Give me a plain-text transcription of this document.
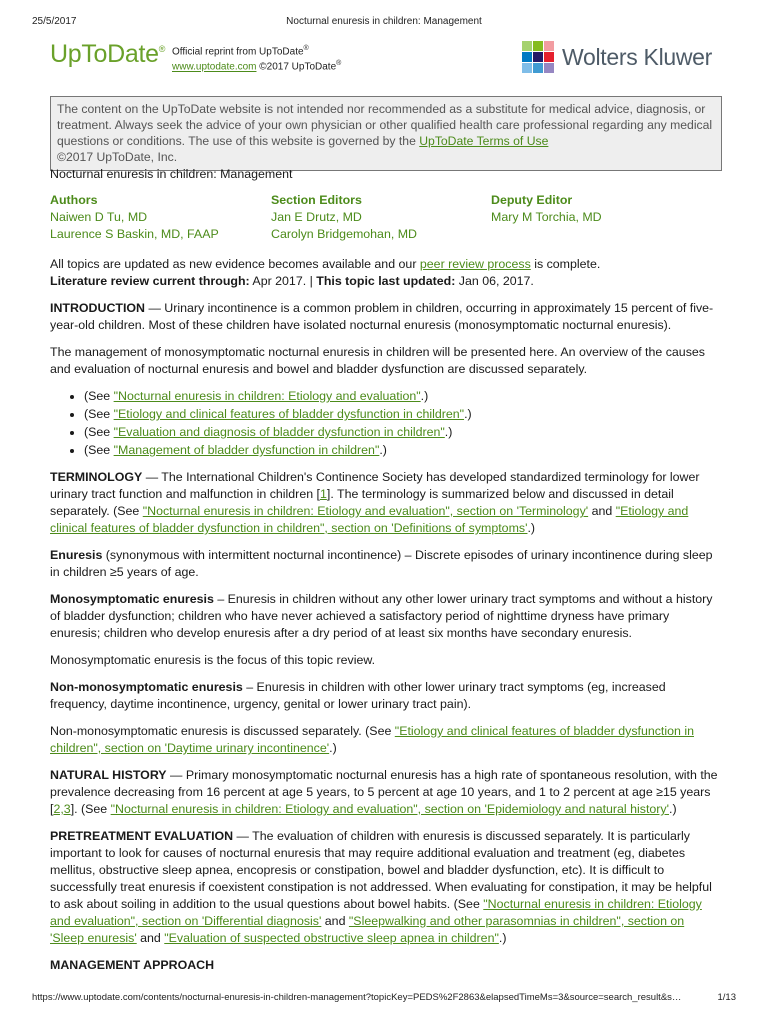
25/5/2017	Nocturnal enuresis in children: Management
UpToDate® Official reprint from UpToDate®
www.uptodate.com ©2017 UpToDate®	Wolters Kluwer
The content on the UpToDate website is not intended nor recommended as a substitute for medical advice, diagnosis, or treatment. Always seek the advice of your own physician or other qualified health care professional regarding any medical questions or conditions. The use of this website is governed by the UpToDate Terms of Use
©2017 UpToDate, Inc.
Nocturnal enuresis in children: Management
Authors
Naiwen D Tu, MD
Laurence S Baskin, MD, FAAP
Section Editors
Jan E Drutz, MD
Carolyn Bridgemohan, MD
Deputy Editor
Mary M Torchia, MD

All topics are updated as new evidence becomes available and our peer review process is complete.
Literature review current through: Apr 2017. | This topic last updated: Jan 06, 2017.

INTRODUCTION — Urinary incontinence is a common problem in children, occurring in approximately 15 percent of five-year-old children. Most of these children have isolated nocturnal enuresis (monosymptomatic nocturnal enuresis).

The management of monosymptomatic nocturnal enuresis in children will be presented here. An overview of the causes and evaluation of nocturnal enuresis and bowel and bladder dysfunction are discussed separately.

• (See "Nocturnal enuresis in children: Etiology and evaluation".)
• (See "Etiology and clinical features of bladder dysfunction in children".)
• (See "Evaluation and diagnosis of bladder dysfunction in children".)
• (See "Management of bladder dysfunction in children".)

TERMINOLOGY — The International Children's Continence Society has developed standardized terminology for lower urinary tract function and malfunction in children [1]. The terminology is summarized below and discussed in detail separately. (See "Nocturnal enuresis in children: Etiology and evaluation", section on 'Terminology' and "Etiology and clinical features of bladder dysfunction in children", section on 'Definitions of symptoms'.)

Enuresis (synonymous with intermittent nocturnal incontinence) – Discrete episodes of urinary incontinence during sleep in children ≥5 years of age.

Monosymptomatic enuresis – Enuresis in children without any other lower urinary tract symptoms and without a history of bladder dysfunction; children who have never achieved a satisfactory period of nighttime dryness have primary enuresis; children who develop enuresis after a dry period of at least six months have secondary enuresis.

Monosymptomatic enuresis is the focus of this topic review.

Non-monosymptomatic enuresis – Enuresis in children with other lower urinary tract symptoms (eg, increased frequency, daytime incontinence, urgency, genital or lower urinary tract pain).

Non-monosymptomatic enuresis is discussed separately. (See "Etiology and clinical features of bladder dysfunction in children", section on 'Daytime urinary incontinence'.)

NATURAL HISTORY — Primary monosymptomatic nocturnal enuresis has a high rate of spontaneous resolution, with the prevalence decreasing from 16 percent at age 5 years, to 5 percent at age 10 years, and 1 to 2 percent at age ≥15 years [2,3]. (See "Nocturnal enuresis in children: Etiology and evaluation", section on 'Epidemiology and natural history'.)

PRETREATMENT EVALUATION — The evaluation of children with enuresis is discussed separately. It is particularly important to look for causes of nocturnal enuresis that may require additional evaluation and treatment (eg, diabetes mellitus, obstructive sleep apnea, encopresis or constipation, bowel and bladder dysfunction, etc). It is difficult to successfully treat enuresis if coexistent constipation is not addressed. When evaluating for constipation, it may be helpful to ask about soiling in addition to the usual questions about bowel habits. (See "Nocturnal enuresis in children: Etiology and evaluation", section on 'Differential diagnosis' and "Sleepwalking and other parasomnias in children", section on 'Sleep enuresis' and "Evaluation of suspected obstructive sleep apnea in children".)

MANAGEMENT APPROACH

https://www.uptodate.com/contents/nocturnal-enuresis-in-children-management?topicKey=PEDS%2F2863&elapsedTimeMs=3&source=search_result&s…	1/13
